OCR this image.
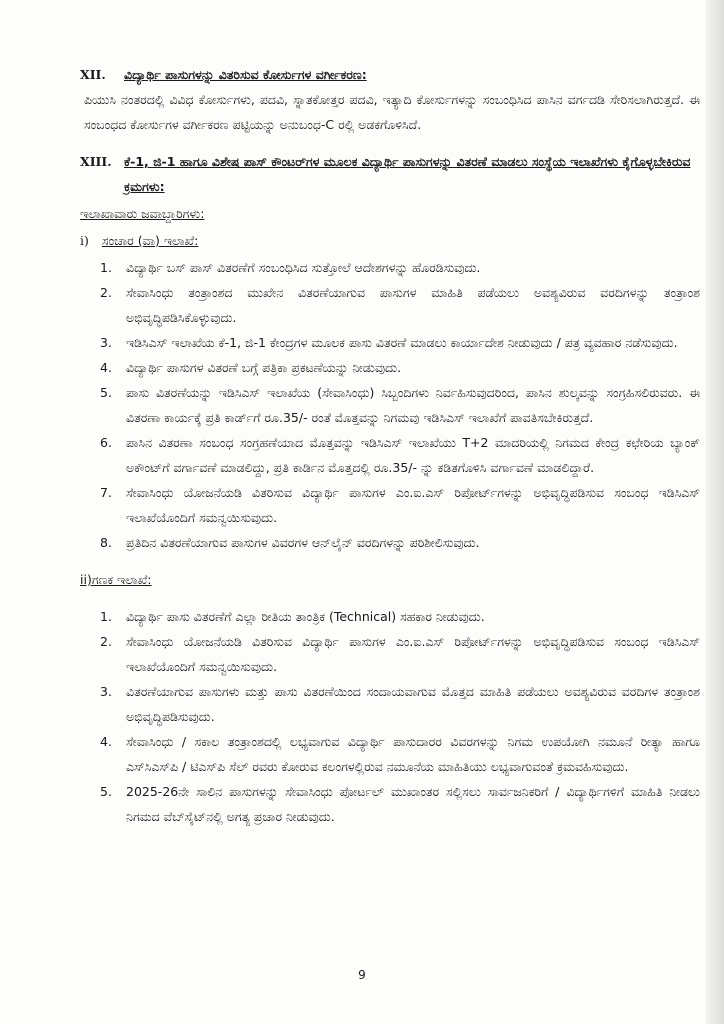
XII.	ವಿದ್ಯಾರ್ಥಿ ಪಾಸುಗಳನ್ನು ವಿತರಿಸುವ ಕೋರ್ಸುಗಳ ವರ್ಗೀಕರಣ:
ಪಿಯುಸಿ ನಂತರದಲ್ಲಿ ವಿವಿಧ ಕೋರ್ಸುಗಳು, ಪದವಿ, ಸ್ನಾತಕೋತ್ತರ ಪದವಿ, ಇತ್ಯಾದಿ ಕೋರ್ಸುಗಳನ್ನು ಸಂಬಂಧಿಸಿದ ಪಾಸಿನ ವರ್ಗದಡಿ ಸೇರಿಸಲಾಗಿರುತ್ತದೆ. ಈ ಸಂಬಂಧದ ಕೋರ್ಸುಗಳ ವರ್ಗೀಕರಣ ಪಟ್ಟಿಯನ್ನು ಅನುಬಂಧ-C ರಲ್ಲಿ ಅಡಕಗೊಳಿಸಿದೆ.
XIII. ಕೆ-1, ಜಿ-1 ಹಾಗೂ ವಿಶೇಷ ಪಾಸ್ ಕೌಂಟರ್‌ಗಳ ಮೂಲಕ ವಿದ್ಯಾರ್ಥಿ ಪಾಸುಗಳನ್ನು ವಿತರಣೆ ಮಾಡಲು ಸಂಸ್ಥೆಯ ಇಲಾಖೆಗಳು ಕೈಗೊಳ್ಳಬೇಕಿರುವ ಕ್ರಮಗಳು:
ಇಲಾಖಾವಾರು ಜವಾಬ್ದಾರಿಗಳು:
i)	ಸಂಚಾರ (ವಾ) ಇಲಾಖೆ:
1.	ವಿದ್ಯಾರ್ಥಿ ಬಸ್ ಪಾಸ್ ವಿತರಣೆಗೆ ಸಂಬಂಧಿಸಿದ ಸುತ್ತೋಲೆ ಆದೇಶಗಳನ್ನು ಹೊರಡಿಸುವುದು.
2.	ಸೇವಾಸಿಂಧು ತಂತ್ರಾಂಶದ ಮುಖೇನ ವಿತರಣೆಯಾಗುವ ಪಾಸುಗಳ ಮಾಹಿತಿ ಪಡೆಯಲು ಅವಶ್ಯವಿರುವ ವರದಿಗಳನ್ನು ತಂತ್ರಾಂಶ ಅಭಿವೃದ್ಧಿಪಡಿಸಿಕೊಳ್ಳುವುದು.
3.	ಇಡಿಸಿಎಸ್ ಇಲಾಖೆಯ ಕೆ-1, ಜಿ-1 ಕೇಂದ್ರಗಳ ಮೂಲಕ ಪಾಸು ವಿತರಣೆ ಮಾಡಲು ಕಾರ್ಯಾದೇಶ ನೀಡುವುದು / ಪತ್ರ ವ್ಯವಹಾರ ನಡೆಸುವುದು.
4.	ವಿದ್ಯಾರ್ಥಿ ಪಾಸುಗಳ ವಿತರಣೆ ಬಗ್ಗೆ ಪತ್ರಿಕಾ ಪ್ರಕಟಣೆಯನ್ನು ನೀಡುವುದು.
5.	ಪಾಸು ವಿತರಣೆಯನ್ನು ಇಡಿಸಿಎಸ್ ಇಲಾಖೆಯ (ಸೇವಾಸಿಂಧು) ಸಿಬ್ಬಂದಿಗಳು ನಿರ್ವಹಿಸುವುದರಿಂದ, ಪಾಸಿನ ಶುಲ್ಕವನ್ನು ಸಂಗ್ರಹಿಸಲಿರುವರು. ಈ ವಿತರಣಾ ಕಾರ್ಯಕ್ಕೆ ಪ್ರತಿ ಕಾರ್ಡ್‌ಗೆ ರೂ.35/- ರಂತೆ ಮೊತ್ತವನ್ನು ನಿಗಮವು ಇಡಿಸಿಎಸ್ ಇಲಾಖೆಗೆ ಪಾವತಿಸಬೇಕಿರುತ್ತದೆ.
6.	ಪಾಸಿನ ವಿತರಣಾ ಸಂಬಂಧ ಸಂಗ್ರಹಣೆಯಾದ ಮೊತ್ತವನ್ನು ಇಡಿಸಿಎಸ್ ಇಲಾಖೆಯು T+2 ಮಾದರಿಯಲ್ಲಿ ನಿಗಮದ ಕೇಂದ್ರ ಕಛೇರಿಯ ಬ್ಯಾಂಕ್ ಅಕೌಂಟ್‌ಗೆ ವರ್ಗಾವಣೆ ಮಾಡಲಿದ್ದು, ಪ್ರತಿ ಕಾರ್ಡಿನ ಮೊತ್ತದಲ್ಲಿ ರೂ.35/- ನ್ನು ಕಡಿತಗೊಳಿಸಿ ವರ್ಗಾವಣೆ ಮಾಡಲಿದ್ದಾರೆ.
7.	ಸೇವಾಸಿಂಧು ಯೋಜನೆಯಡಿ ವಿತರಿಸುವ ವಿದ್ಯಾರ್ಥಿ ಪಾಸುಗಳ ಎಂ.ಐ.ಎಸ್ ರಿಪೋರ್ಟ್‌ಗಳನ್ನು ಅಭಿವೃದ್ಧಿಪಡಿಸುವ ಸಂಬಂಧ ಇಡಿಸಿಎಸ್ ಇಲಾಖೆಯೊಂದಿಗೆ ಸಮನ್ವಯಿಸುವುದು.
8.	ಪ್ರತಿದಿನ ವಿತರಣೆಯಾಗುವ ಪಾಸುಗಳ ವಿವರಗಳ ಆನ್‌ಲೈನ್ ವರದಿಗಳನ್ನು ಪರಿಶೀಲಿಸುವುದು.
ii) ಗಣಕ ಇಲಾಖೆ:
1.	ವಿದ್ಯಾರ್ಥಿ ಪಾಸು ವಿತರಣೆಗೆ ಎಲ್ಲಾ ರೀತಿಯ ತಾಂತ್ರಿಕ (Technical) ಸಹಕಾರ ನೀಡುವುದು.
2.	ಸೇವಾಸಿಂಧು ಯೋಜನೆಯಡಿ ವಿತರಿಸುವ ವಿದ್ಯಾರ್ಥಿ ಪಾಸುಗಳ ಎಂ.ಐ.ಎಸ್ ರಿಪೋರ್ಟ್‌ಗಳನ್ನು ಅಭಿವೃದ್ಧಿಪಡಿಸುವ ಸಂಬಂಧ ಇಡಿಸಿಎಸ್ ಇಲಾಖೆಯೊಂದಿಗೆ ಸಮನ್ವಯಿಸುವುದು.
3.	ವಿತರಣೆಯಾಗುವ ಪಾಸುಗಳು ಮತ್ತು ಪಾಸು ವಿತರಣೆಯಿಂದ ಸಂದಾಯವಾಗುವ ಮೊತ್ತದ ಮಾಹಿತಿ ಪಡೆಯಲು ಅವಶ್ಯವಿರುವ ವರದಿಗಳ ತಂತ್ರಾಂಶ ಅಭಿವೃದ್ಧಿಪಡಿಸುವುದು.
4.	ಸೇವಾಸಿಂಧು / ಸಕಾಲ ತಂತ್ರಾಂಶದಲ್ಲಿ ಲಭ್ಯವಾಗುವ ವಿದ್ಯಾರ್ಥಿ ಪಾಸುದಾರರ ವಿವರಗಳನ್ನು ನಿಗಮ ಉಪಯೋಗಿ ನಮೂನೆ ರೀತ್ಯಾ ಹಾಗೂ ಎಸ್‌ಸಿಎಸ್‌ಪಿ / ಟಿಎಸ್‌ಪಿ ಸೆಲ್ ರವರು ಕೋರುವ ಕಲಂಗಳಲ್ಲಿರುವ ನಮೂನೆಯ ಮಾಹಿತಿಯು ಲಭ್ಯವಾಗುವಂತೆ ಕ್ರಮವಹಿಸುವುದು.
5.	2025-26ನೇ ಸಾಲಿನ ಪಾಸುಗಳನ್ನು ಸೇವಾಸಿಂಧು ಪೋರ್ಟಲ್ ಮುಖಾಂತರ ಸಲ್ಲಿಸಲು ಸಾರ್ವಜನಿಕರಿಗೆ / ವಿದ್ಯಾರ್ಥಿಗಳಿಗೆ ಮಾಹಿತಿ ನೀಡಲು ನಿಗಮದ ವೆಬ್‌ಸೈಟ್‌ನಲ್ಲಿ ಅಗತ್ಯ ಪ್ರಚಾರ ನೀಡುವುದು.
9
